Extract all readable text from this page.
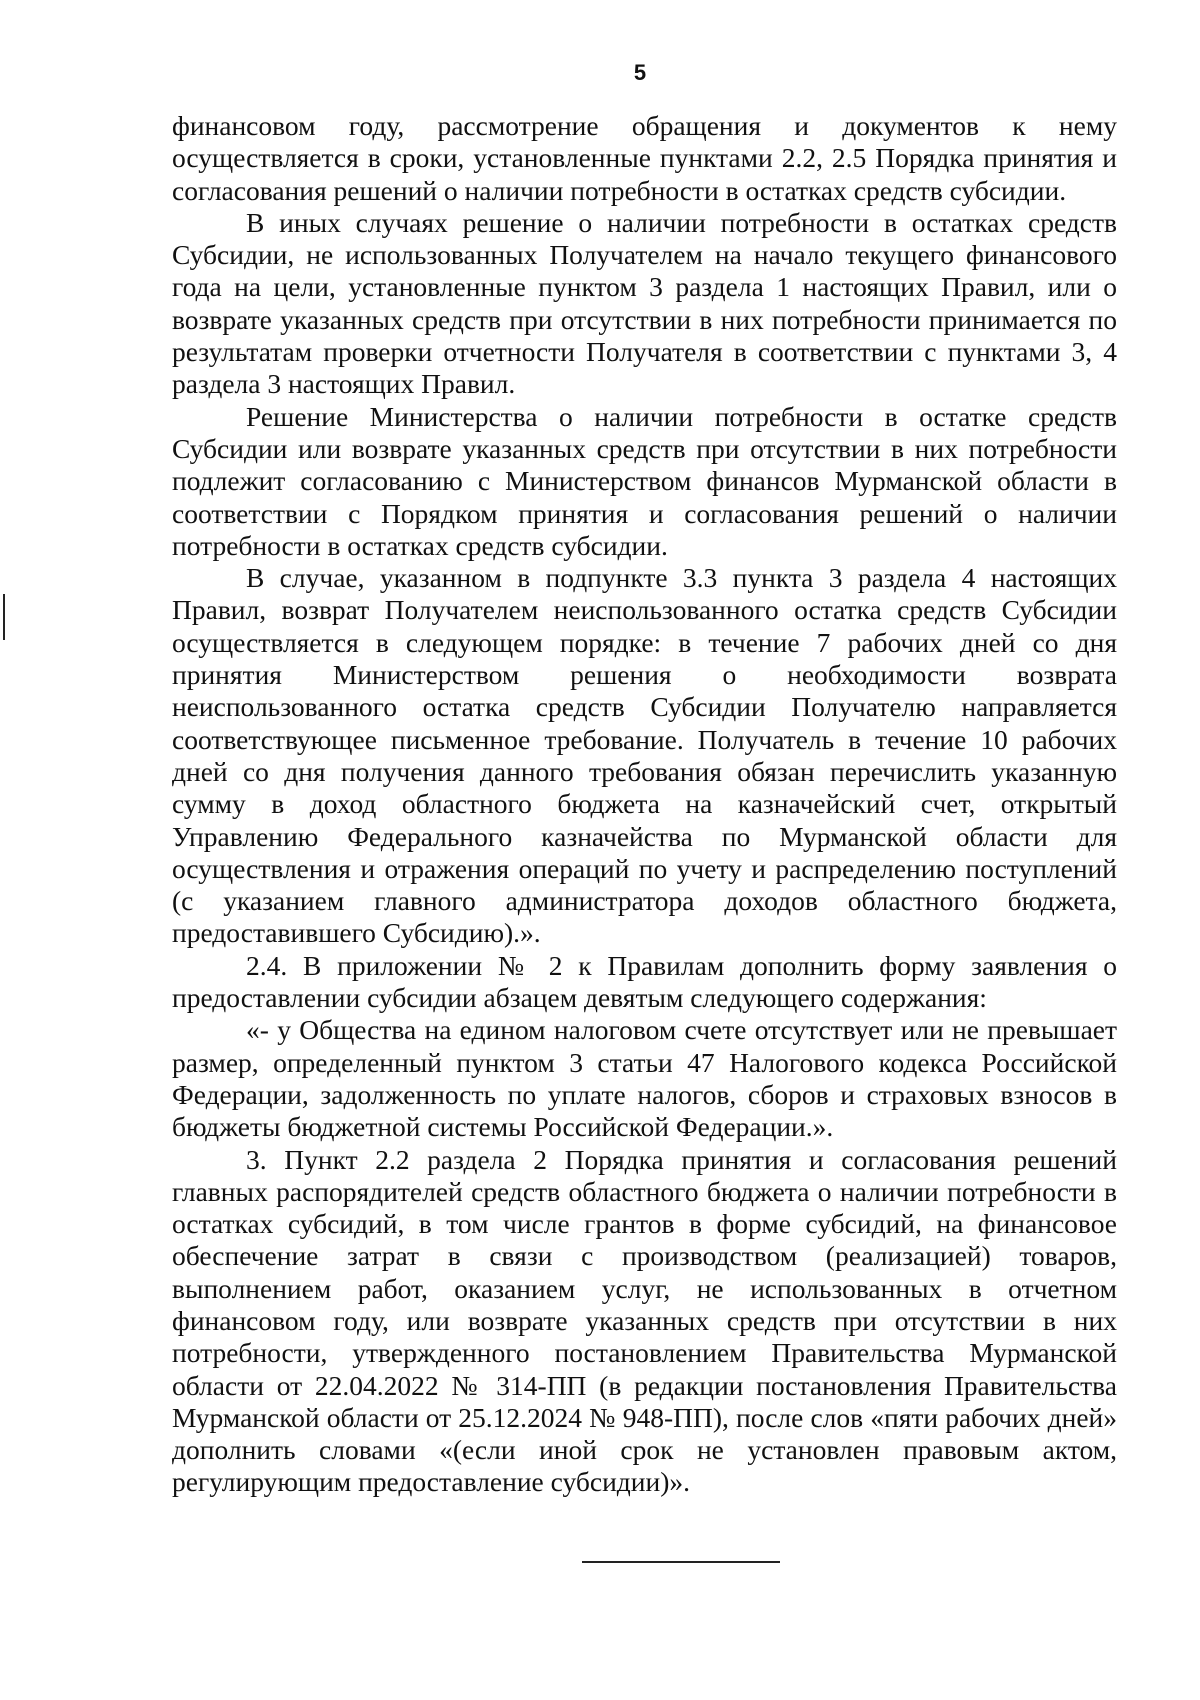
5

финансовом году, рассмотрение обращения и документов к нему осуществляется в сроки, установленные пунктами 2.2, 2.5 Порядка принятия и согласования решений о наличии потребности в остатках средств субсидии.

В иных случаях решение о наличии потребности в остатках средств Субсидии, не использованных Получателем на начало текущего финансового года на цели, установленные пунктом 3 раздела 1 настоящих Правил, или о возврате указанных средств при отсутствии в них потребности принимается по результатам проверки отчетности Получателя в соответствии с пунктами 3, 4 раздела 3 настоящих Правил.

Решение Министерства о наличии потребности в остатке средств Субсидии или возврате указанных средств при отсутствии в них потребности подлежит согласованию с Министерством финансов Мурманской области в соответствии с Порядком принятия и согласования решений о наличии потребности в остатках средств субсидии.

В случае, указанном в подпункте 3.3 пункта 3 раздела 4 настоящих Правил, возврат Получателем неиспользованного остатка средств Субсидии осуществляется в следующем порядке: в течение 7 рабочих дней со дня принятия Министерством решения о необходимости возврата неиспользованного остатка средств Субсидии Получателю направляется соответствующее письменное требование. Получатель в течение 10 рабочих дней со дня получения данного требования обязан перечислить указанную сумму в доход областного бюджета на казначейский счет, открытый Управлению Федерального казначейства по Мурманской области для осуществления и отражения операций по учету и распределению поступлений (с указанием главного администратора доходов областного бюджета, предоставившего Субсидию).».

2.4. В приложении № 2 к Правилам дополнить форму заявления о предоставлении субсидии абзацем девятым следующего содержания:

«- у Общества на едином налоговом счете отсутствует или не превышает размер, определенный пунктом 3 статьи 47 Налогового кодекса Российской Федерации, задолженность по уплате налогов, сборов и страховых взносов в бюджеты бюджетной системы Российской Федерации.».

3. Пункт 2.2 раздела 2 Порядка принятия и согласования решений главных распорядителей средств областного бюджета о наличии потребности в остатках субсидий, в том числе грантов в форме субсидий, на финансовое обеспечение затрат в связи с производством (реализацией) товаров, выполнением работ, оказанием услуг, не использованных в отчетном финансовом году, или возврате указанных средств при отсутствии в них потребности, утвержденного постановлением Правительства Мурманской области от 22.04.2022 № 314-ПП (в редакции постановления Правительства Мурманской области от 25.12.2024 № 948-ПП), после слов «пяти рабочих дней» дополнить словами «(если иной срок не установлен правовым актом, регулирующим предоставление субсидии)».
